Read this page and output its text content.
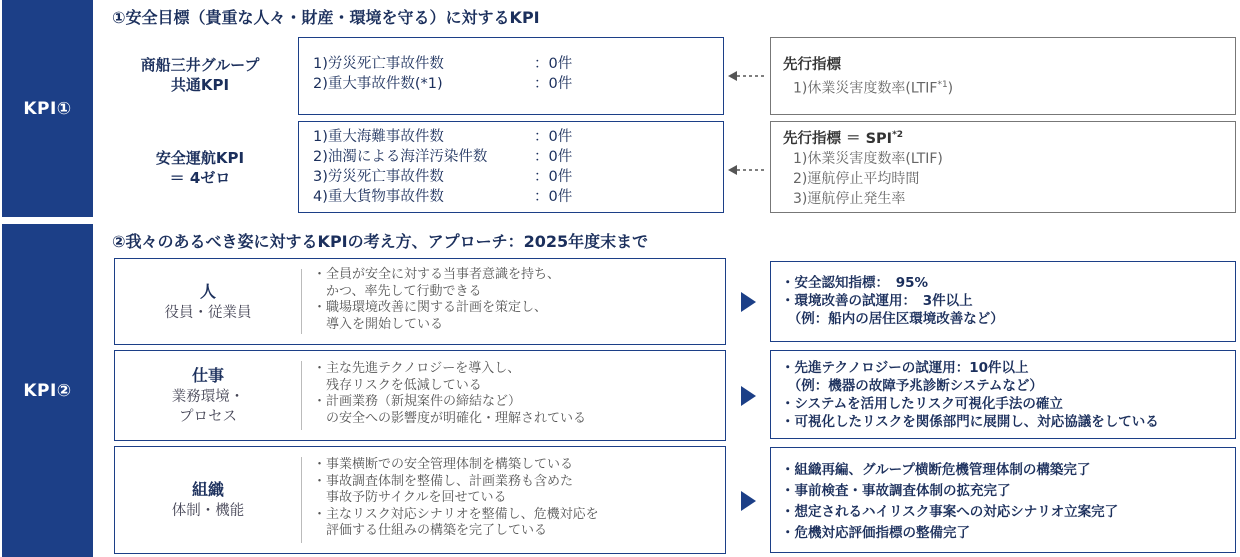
KPI①
KPI②
①安全目標（貴重な人々・財産・環境を守る）に対するKPI
②我々のあるべき姿に対するKPIの考え方、アプローチ：2025年度末まで
商船三井グループ
共通KPI
1)労災死亡事故件数	：0件
2)重大事故件数(*1)	：0件
先行指標
1)休業災害度数率(LTIF$^{*1}$)
安全運航KPI
＝ 4ゼロ
1)重大海難事故件数	：0件
2)油濁による海洋汚染件数	：0件
3)労災死亡事故件数	：0件
4)重大貨物事故件数	：0件
先行指標 ＝ $SPI^{*2}$
1)休業災害度数率(LTIF)
2)運航停止平均時間
3)運航停止発生率
人
役員・従業員
・全員が安全に対する当事者意識を持ち、
　かつ、率先して行動できる
・職場環境改善に関する計画を策定し、
　導入を開始している
・安全認知指標：　95%
・環境改善の試運用：　3件以上
　（例：船内の居住区環境改善など）
仕事
業務環境・
プロセス
・主な先進テクノロジーを導入し、
　残存リスクを低減している
・計画業務（新規案件の締結など）
　の安全への影響度が明確化・理解されている
・先進テクノロジーの試運用：10件以上
　（例：機器の故障予兆診断システムなど）
・システムを活用したリスク可視化手法の確立
・可視化したリスクを関係部門に展開し、対応協議をしている
組織
体制・機能
・事業横断での安全管理体制を構築している
・事故調査体制を整備し、計画業務も含めた
　事故予防サイクルを回せている
・主なリスク対応シナリオを整備し、危機対応を
　評価する仕組みの構築を完了している
・組織再編、グループ横断危機管理体制の構築完了
・事前検査・事故調査体制の拡充完了
・想定されるハイリスク事案への対応シナリオ立案完了
・危機対応評価指標の整備完了
